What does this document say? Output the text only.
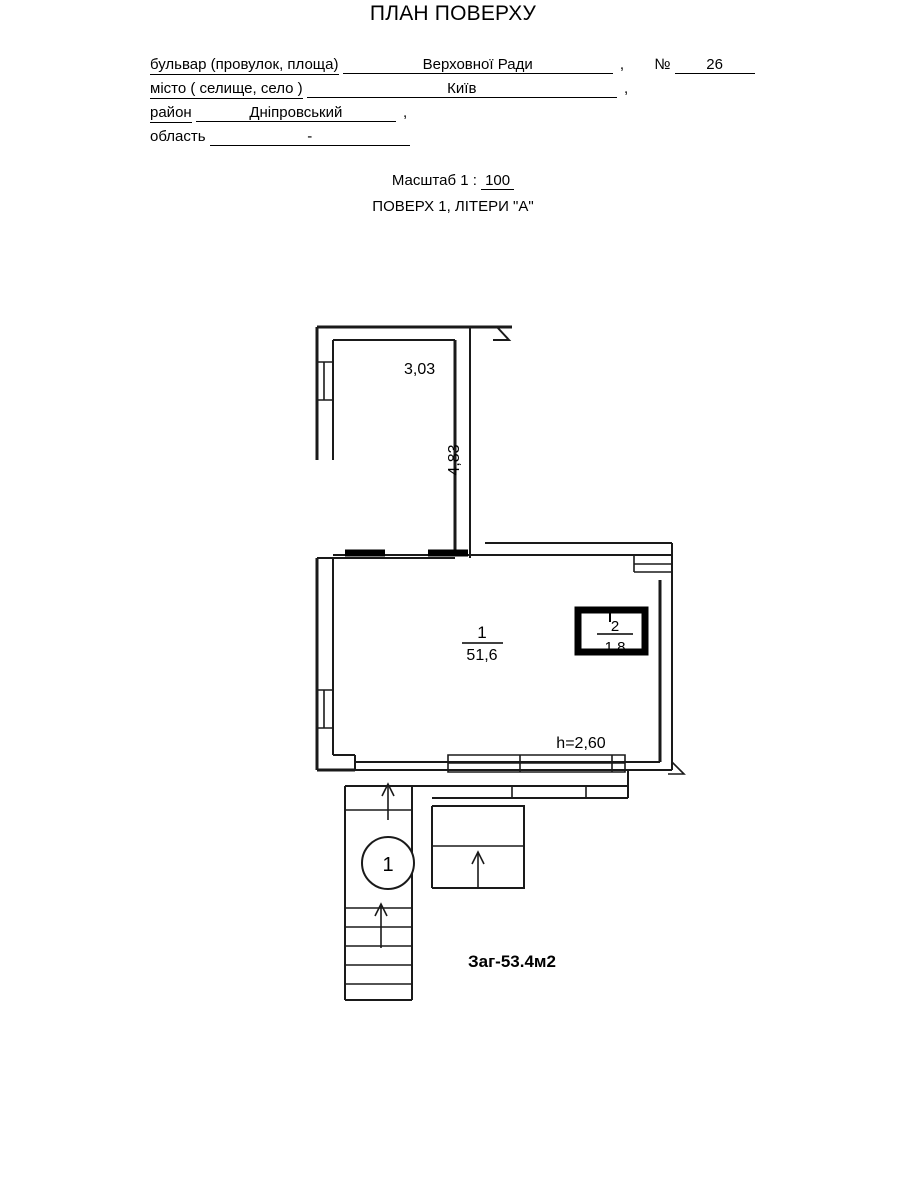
ПЛАН ПОВЕРХУ
бульвар (провулок, площа)	Верховної Ради	, № 26
місто ( селище, село )	Київ	,
район	Дніпровський	,
область	-
Масштаб 1 : 100
ПОВЕРХ 1, ЛІТЕРИ "А"
3,03
4,83
1
51,6
2
1,8
h=2,60
1
Заг-53.4м2
